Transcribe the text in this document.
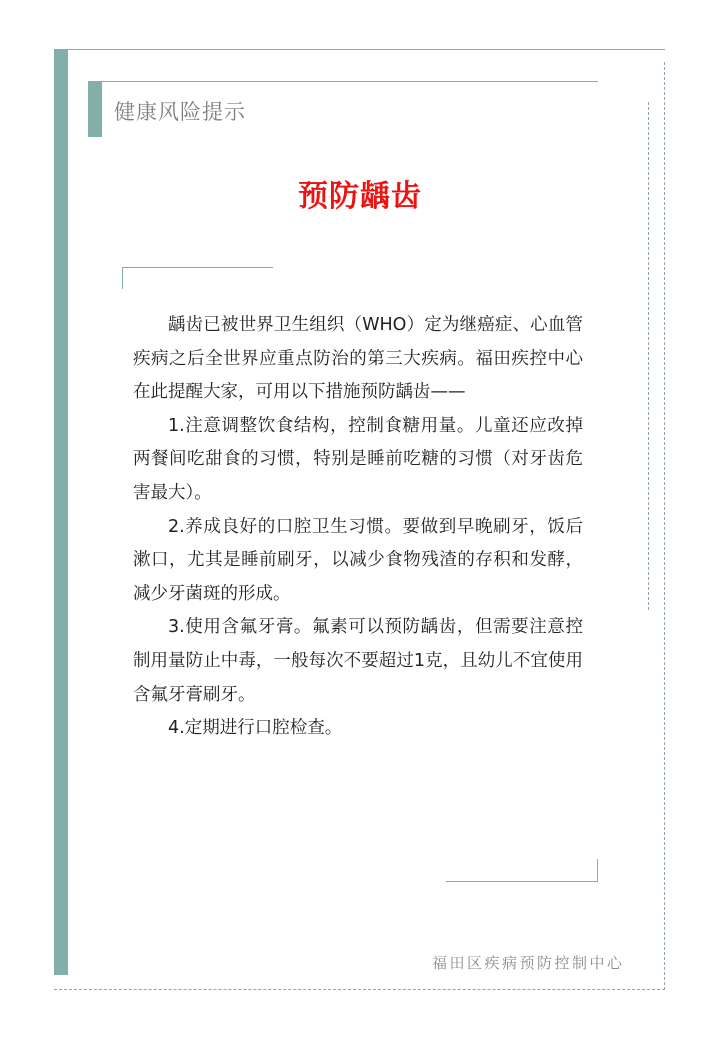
健康风险提示
预防龋齿

龋齿已被世界卫生组织（WHO）定为继癌症、心血管疾病之后全世界应重点防治的第三大疾病。福田疾控中心在此提醒大家，可用以下措施预防龋齿——

1.注意调整饮食结构，控制食糖用量。儿童还应改掉两餐间吃甜食的习惯，特别是睡前吃糖的习惯（对牙齿危害最大）。

2.养成良好的口腔卫生习惯。要做到早晚刷牙，饭后漱口，尤其是睡前刷牙，以减少食物残渣的存积和发酵，减少牙菌斑的形成。

3.使用含氟牙膏。氟素可以预防龋齿，但需要注意控制用量防止中毒，一般每次不要超过1克，且幼儿不宜使用含氟牙膏刷牙。

4.定期进行口腔检查。

福田区疾病预防控制中心
